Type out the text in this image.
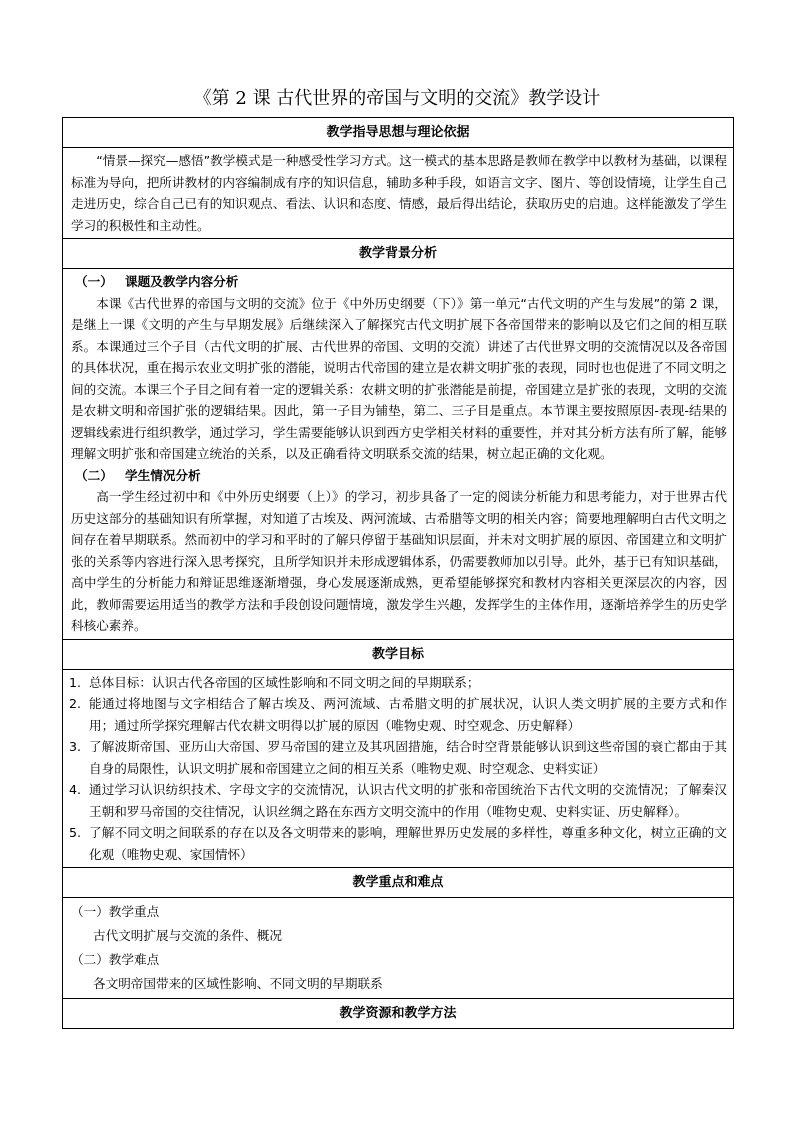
《第 2 课 古代世界的帝国与文明的交流》教学设计
教学指导思想与理论依据

“情景—探究—感悟”教学模式是一种感受性学习方式。这一模式的基本思路是教师在教学中以教材为基础，以课程标准为导向，把所讲教材的内容编制成有序的知识信息，辅助多种手段，如语言文字、图片、等创设情境，让学生自己走进历史，综合自己已有的知识观点、看法、认识和态度、情感，最后得出结论，获取历史的启迪。这样能激发了学生学习的积极性和主动性。

教学背景分析

（一） 课题及教学内容分析

本课《古代世界的帝国与文明的交流》位于《中外历史纲要（下）》第一单元“古代文明的产生与发展”的第 2 课，是继上一课《文明的产生与早期发展》后继续深入了解探究古代文明扩展下各帝国带来的影响以及它们之间的相互联系。本课通过三个子目（古代文明的扩展、古代世界的帝国、文明的交流）讲述了古代世界文明的交流情况以及各帝国的具体状况，重在揭示农业文明扩张的潜能，说明古代帝国的建立是农耕文明扩张的表现，同时也也促进了不同文明之间的交流。本课三个子目之间有着一定的逻辑关系：农耕文明的扩张潜能是前提，帝国建立是扩张的表现，文明的交流是农耕文明和帝国扩张的逻辑结果。因此，第一子目为铺垫，第二、三子目是重点。本节课主要按照原因-表现-结果的逻辑线索进行组织教学，通过学习，学生需要能够认识到西方史学相关材料的重要性，并对其分析方法有所了解，能够理解文明扩张和帝国建立统治的关系，以及正确看待文明联系交流的结果，树立起正确的文化观。

（二） 学生情况分析

高一学生经过初中和《中外历史纲要（上）》的学习，初步具备了一定的阅读分析能力和思考能力，对于世界古代历史这部分的基础知识有所掌握，对知道了古埃及、两河流域、古希腊等文明的相关内容；简要地理解明白古代文明之间存在着早期联系。然而初中的学习和平时的了解只停留于基础知识层面，并未对文明扩展的原因、帝国建立和文明扩张的关系等内容进行深入思考探究，且所学知识并未形成逻辑体系，仍需要教师加以引导。此外，基于已有知识基础，高中学生的分析能力和辩证思维逐渐增强，身心发展逐渐成熟，更希望能够探究和教材内容相关更深层次的内容，因此，教师需要运用适当的教学方法和手段创设问题情境，激发学生兴趣，发挥学生的主体作用，逐渐培养学生的历史学科核心素养。

教学目标
1. 总体目标：认识古代各帝国的区域性影响和不同文明之间的早期联系；
2. 能通过将地图与文字相结合了解古埃及、两河流域、古希腊文明的扩展状况，认识人类文明扩展的主要方式和作用；通过所学探究理解古代农耕文明得以扩展的原因（唯物史观、时空观念、历史解释）
3. 了解波斯帝国、亚历山大帝国、罗马帝国的建立及其巩固措施，结合时空背景能够认识到这些帝国的衰亡都由于其自身的局限性，认识文明扩展和帝国建立之间的相互关系（唯物史观、时空观念、史料实证）
4. 通过学习认识纺织技术、字母文字的交流情况，认识古代文明的扩张和帝国统治下古代文明的交流情况；了解秦汉王朝和罗马帝国的交往情况，认识丝绸之路在东西方文明交流中的作用（唯物史观、史料实证、历史解释）。
5. 了解不同文明之间联系的存在以及各文明带来的影响，理解世界历史发展的多样性，尊重多种文化，树立正确的文化观（唯物史观、家国情怀）
教学重点和难点

（一）教学重点

古代文明扩展与交流的条件、概况

（二）教学难点

各文明帝国带来的区域性影响、不同文明的早期联系

教学资源和教学方法
